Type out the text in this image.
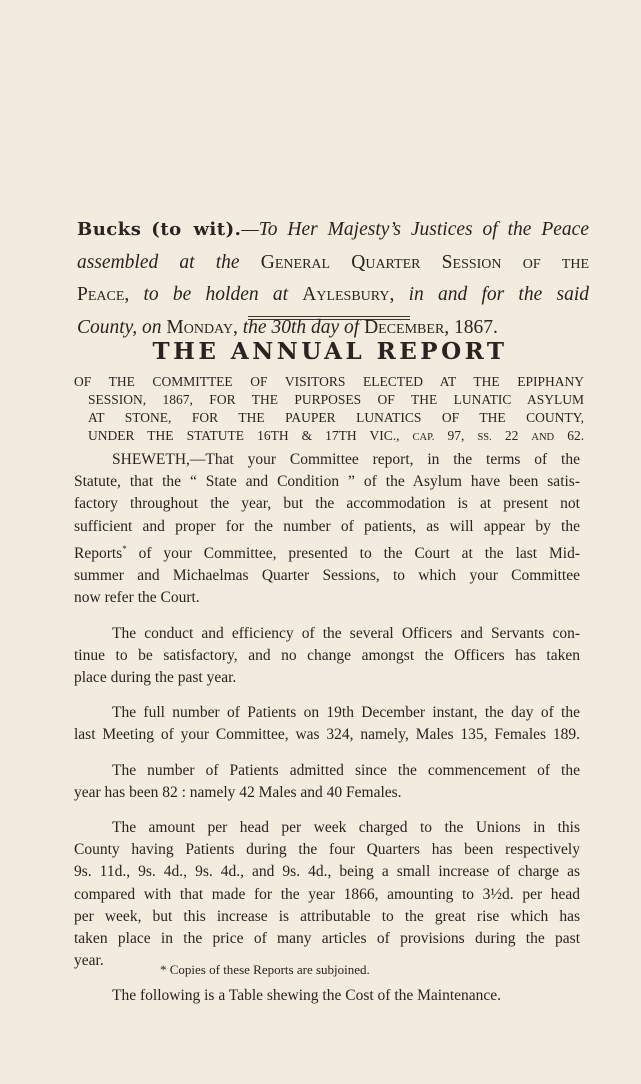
Bucks (to wit).—To Her Majesty’s Justices of the Peace
assembled at the General Quarter Session of the
Peace, to be holden at Aylesbury, in and for the said
County, on Monday, the 30th day of December, 1867.
THE ANNUAL REPORT
OF THE COMMITTEE OF VISITORS ELECTED AT THE EPIPHANY
SESSION, 1867, FOR THE PURPOSES OF THE LUNATIC ASYLUM
AT STONE, FOR THE PAUPER LUNATICS OF THE COUNTY,
UNDER THE STATUTE 16TH & 17TH VIC., CAP. 97, SS. 22 AND 62.
SHEWETH,—That your Committee report, in the terms of the
Statute, that the “ State and Condition ” of the Asylum have been satis-
factory throughout the year, but the accommodation is at present not
sufficient and proper for the number of patients, as will appear by the
Reports* of your Committee, presented to the Court at the last Mid-
summer and Michaelmas Quarter Sessions, to which your Committee
now refer the Court.
The conduct and efficiency of the several Officers and Servants con-
tinue to be satisfactory, and no change amongst the Officers has taken
place during the past year.
The full number of Patients on 19th December instant, the day of the
last Meeting of your Committee, was 324, namely, Males 135, Females 189.
The number of Patients admitted since the commencement of the
year has been 82 : namely 42 Males and 40 Females.
The amount per head per week charged to the Unions in this
County having Patients during the four Quarters has been respectively
9s. 11d., 9s. 4d., 9s. 4d., and 9s. 4d., being a small increase of charge as
compared with that made for the year 1866, amounting to 3½d. per head
per week, but this increase is attributable to the great rise which has
taken place in the price of many articles of provisions during the past
year.
The following is a Table shewing the Cost of the Maintenance.
* Copies of these Reports are subjoined.
